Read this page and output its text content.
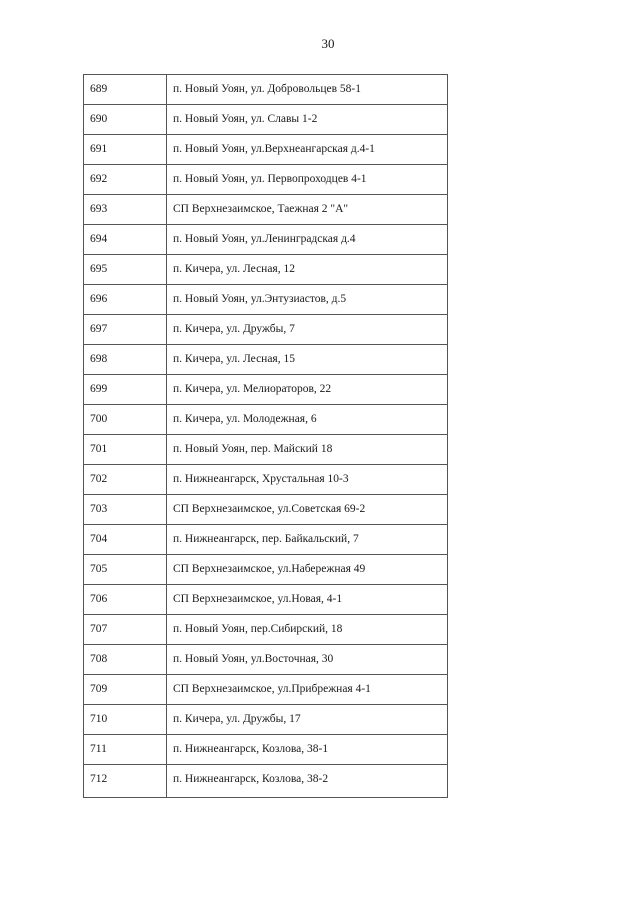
30
689	п. Новый Уоян, ул. Добровольцев 58-1

690	п. Новый Уоян, ул. Славы 1-2

691	п. Новый Уоян, ул.Верхнеангарская д.4-1

692	п. Новый Уоян, ул. Первопроходцев 4-1

693	СП Верхнезаимское, Таежная 2 "А"

694	п. Новый Уоян, ул.Ленинградская д.4

695	п. Кичера, ул. Лесная, 12

696	п. Новый Уоян, ул.Энтузиастов, д.5

697	п. Кичера, ул. Дружбы, 7

698	п. Кичера, ул. Лесная, 15

699	п. Кичера, ул. Мелиораторов, 22

700	п. Кичера, ул. Молодежная, 6

701	п. Новый Уоян, пер. Майский 18

702	п. Нижнеангарск, Хрустальная 10-3

703	СП Верхнезаимское, ул.Советская 69-2

704	п. Нижнеангарск, пер. Байкальский, 7

705	СП Верхнезаимское, ул.Набережная 49

706	СП Верхнезаимское, ул.Новая, 4-1

707	п. Новый Уоян, пер.Сибирский, 18

708	п. Новый Уоян, ул.Восточная, 30

709	СП Верхнезаимское, ул.Прибрежная 4-1

710	п. Кичера, ул. Дружбы, 17

711	п. Нижнеангарск, Козлова, 38-1

712	п. Нижнеангарск, Козлова, 38-2
